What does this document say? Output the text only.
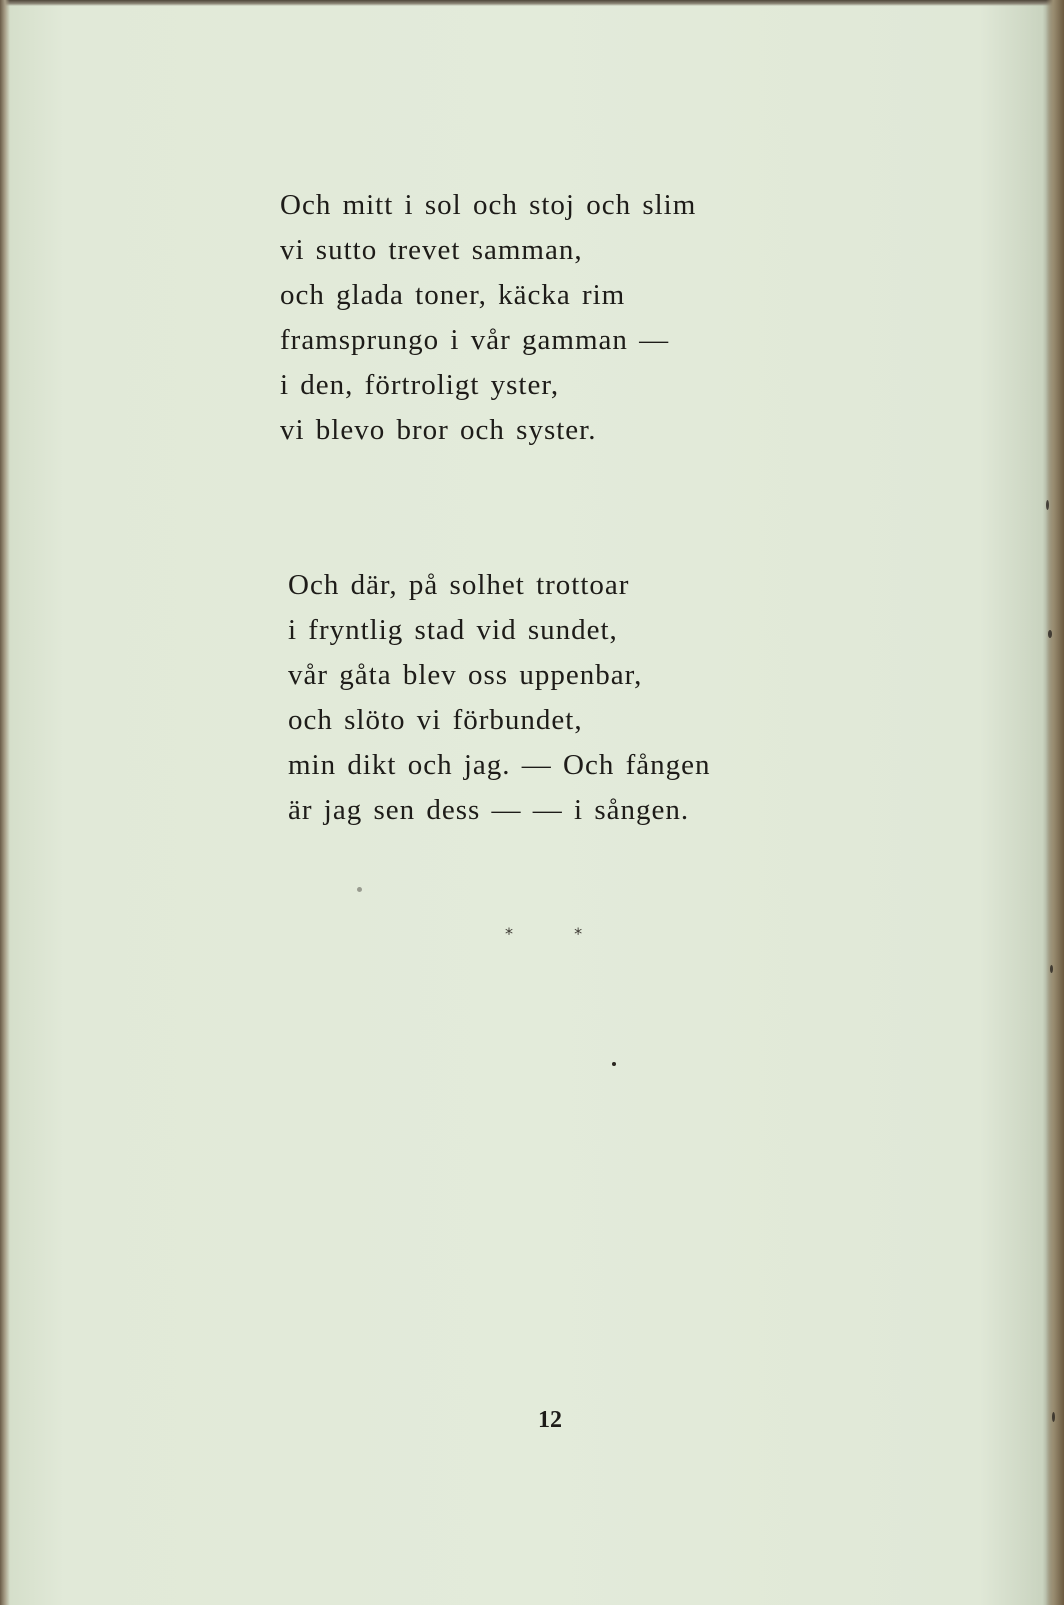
Och mitt i sol och stoj och slim
vi sutto trevet samman,
och glada toner, käcka rim
framsprungo i vår gamman —
i den, förtroligt yster,
vi blevo bror och syster.
Och där, på solhet trottoar
i fryntlig stad vid sundet,
vår gåta blev oss uppenbar,
och slöto vi förbundet,
min dikt och jag. — Och fången
är jag sen dess — — i sången.
* *
12
